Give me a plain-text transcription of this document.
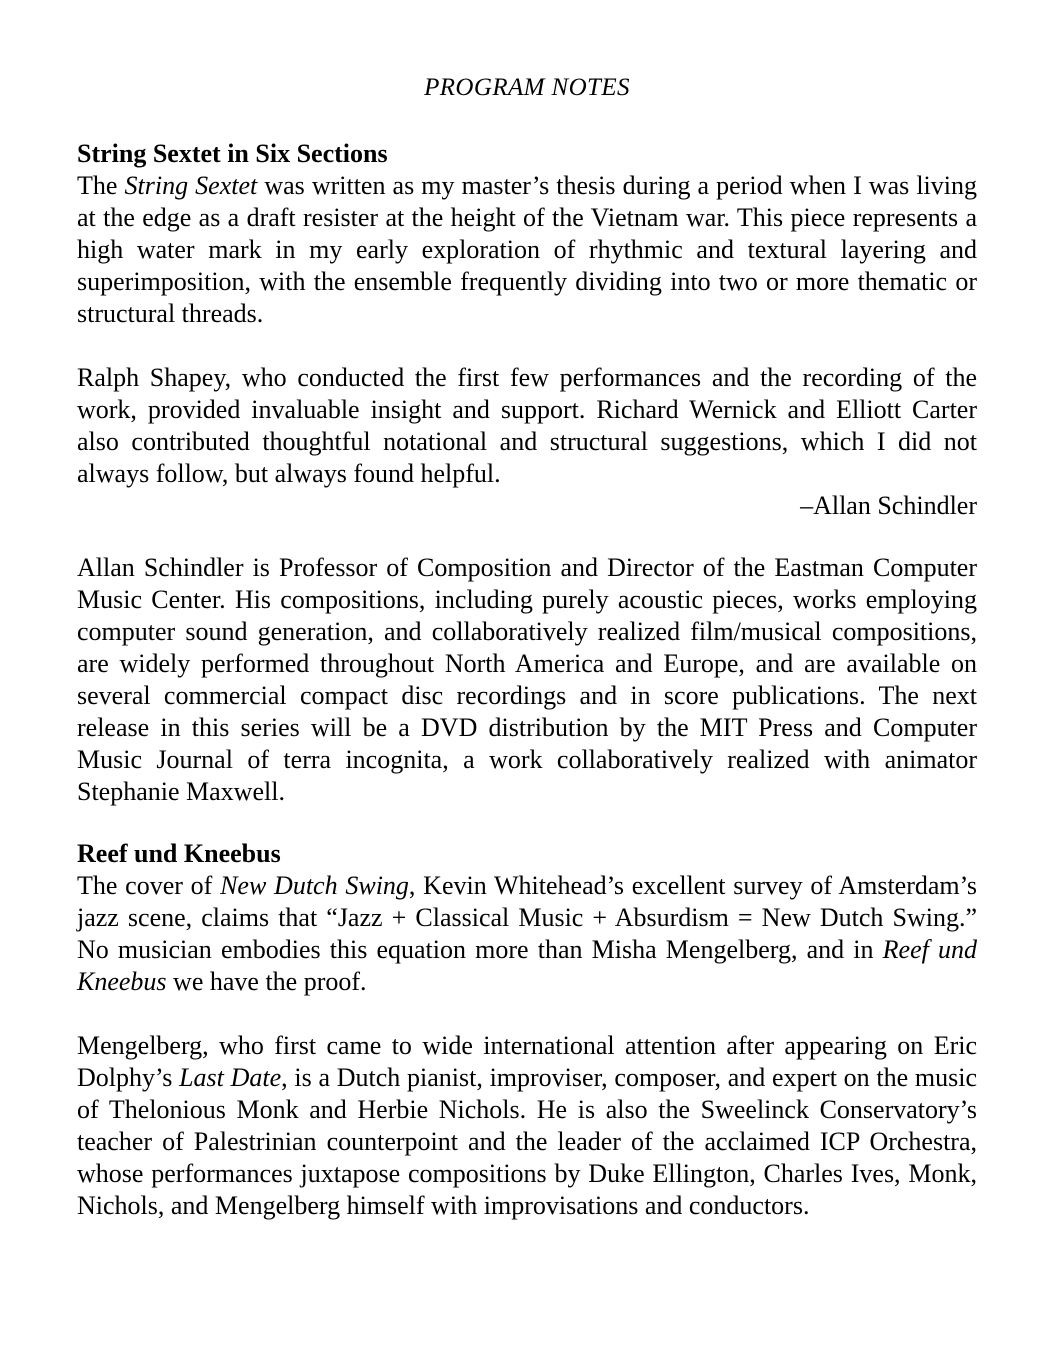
PROGRAM NOTES
String Sextet in Six Sections

The String Sextet was written as my master’s thesis during a period when I was living at the edge as a draft resister at the height of the Vietnam war. This piece represents a high water mark in my early exploration of rhythmic and textural layering and superimposition, with the ensemble frequently dividing into two or more thematic or structural threads.

Ralph Shapey, who conducted the first few performances and the recording of the work, provided invaluable insight and support. Richard Wernick and Elliott Carter also contributed thoughtful notational and structural suggestions, which I did not always follow, but always found helpful.

–Allan Schindler

Allan Schindler is Professor of Composition and Director of the Eastman Computer Music Center. His compositions, including purely acoustic pieces, works employing computer sound generation, and collaboratively realized film/musical compositions, are widely performed throughout North America and Europe, and are available on several commercial compact disc recordings and in score publications. The next release in this series will be a DVD distribution by the MIT Press and Computer Music Journal of terra incognita, a work collaboratively realized with animator Stephanie Maxwell.

Reef und Kneebus

The cover of New Dutch Swing, Kevin Whitehead’s excellent survey of Amsterdam’s jazz scene, claims that “Jazz + Classical Music + Absurdism = New Dutch Swing.” No musician embodies this equation more than Misha Mengelberg, and in Reef und Kneebus we have the proof.

Mengelberg, who first came to wide international attention after appearing on Eric Dolphy’s Last Date, is a Dutch pianist, improviser, composer, and expert on the music of Thelonious Monk and Herbie Nichols. He is also the Sweelinck Conservatory’s teacher of Palestrinian counterpoint and the leader of the acclaimed ICP Orchestra, whose performances juxtapose compositions by Duke Ellington, Charles Ives, Monk, Nichols, and Mengelberg himself with improvisations and conductors.
